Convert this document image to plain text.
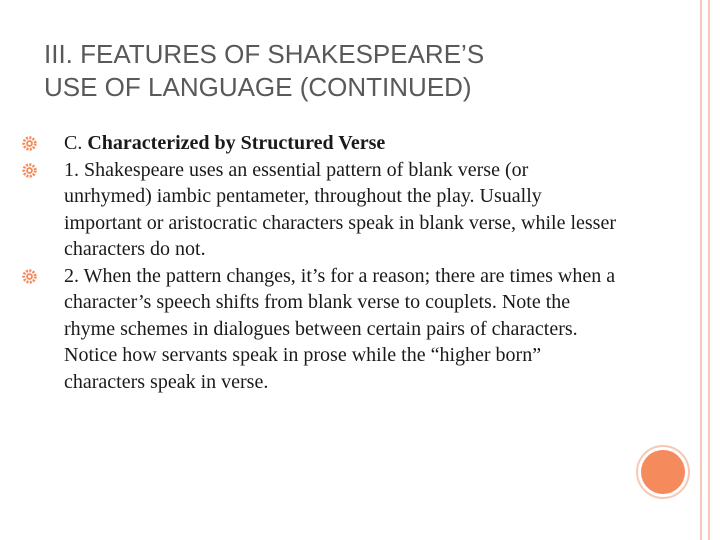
III. FEATURES OF SHAKESPEARE’S
USE OF LANGUAGE (CONTINUED)
C. Characterized by Structured Verse
1. Shakespeare uses an essential pattern of blank verse (or unrhymed) iambic pentameter, throughout the play. Usually important or aristocratic characters speak in blank verse, while lesser characters do not.
2. When the pattern changes, it’s for a reason; there are times when a character’s speech shifts from blank verse to couplets. Note the rhyme schemes in dialogues between certain pairs of characters. Notice how servants speak in prose while the “higher born” characters speak in verse.
